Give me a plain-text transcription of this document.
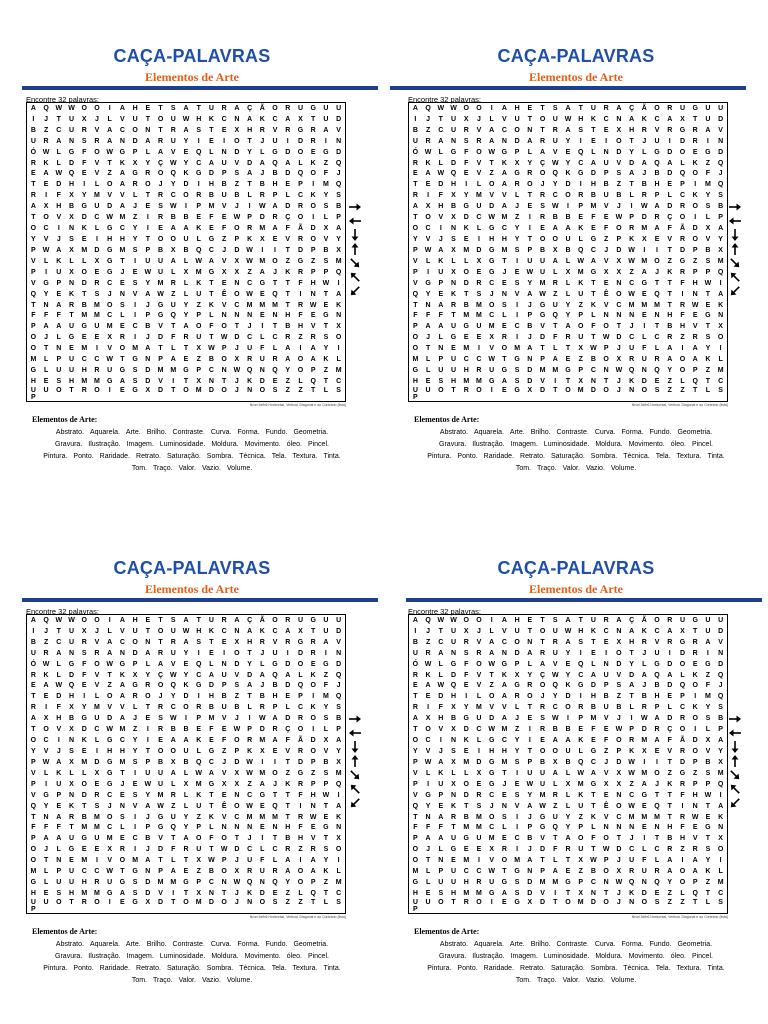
CAÇA-PALAVRAS
Elementos de Arte
Encontre 32 palavras:
A	Q W W O	O	I	A	H	E	T	S	A	T	U	R	A	Ç	Ã	O	R	U	G	U	U
I	J	T	U	X	J	L	V	U	T	O	U W H	K	C	N	A	K	C	A	X	T	U	D
B	Z	C	U	R	V	A	C	O	N	T	R	A	S	T	E	X	H	R	V	R	G	R	A	V
U	R	A	N	S	R	A	N	D	A	R	U	Y	I	E	I	O	T	J	U	I	D	R	I	N
Ó W	L	G	F	O W G	P	L	A	V	E	Q	L	N	D	Y	L	G	D	O	E	G	D
R	K	L	D	F	V	T	K	X	Y	Ç W	Y	C	A	U	V	D	A	Q	A	L	K	Z	Q
E	A W Q	E	V	Z	A	G	R	O	Q	K	G	D	P	S	A	J	B	D	Q	O	F	J
T	E	D	H	I	L	O	A	R	O	J	Y	D	I	H	B	Z	T	B	H	E	P	I	M	Q
R	I	F	X	Y	M	V	V	L	T	R	C	O	R	B	U	B	L	R	P	L	C	K	Y	S
A	X	H	B	G	U	D	A	J	E	S	W	I	P	M	V	J	I	W A	D	R	O	S	B
T	O	V	X	D	C W M	Z	I	R	B	B	E	F	E	W	P	D	R	Ç	O	I	L	P
O	C	I	N	K	L	G	C	Y	I	E	A	A	K	E	F	O	R	M	A	F	Ã	D	X	A
Y	V	J	S	E	I	H	H	Y	T	O	O	U	L	G	Z	P	K	X	E	V	R	O	V	Y
P	W A	X	M	D	G	M	S	P	B	X	B	Q	C	J	D W	I	I	T	D	P	B	X
V	L	K	L	L	X	G	T	I	U	U	A	L	W A	V	X	W M	O	Z	G	Z	S	M
P	I	U	X	O	E	G	J	E	W U	L	X	M	G	X	X	Z	A	J	K	R	P	P	Q
V	G	P	N	D	R	C	E	S	Y	M	R	L	K	T	E	N	C	G	T	T	F	H W	I
Q	Y	E	K	T	S	J	N	V	A W	Z	L	U	T	Ê	O W	E	Q	T	I	N	T	A
T	N	A	R	B	M	O	S	I	J	G	U	Y	Z	K	V	C	M M M	T	R W	E	K
F	F	F	T	M M	C	L	I	P	G	Q	Y	P	L	N	N	N	E	N	H	F	E	G	N
P	A	A	U	G	U	M	E	C	B	V	T	A	O	F	O	T	J	I	T	B	H	V	T	X
O	J	L	G	E	E	X	R	I	J	D	F	R	U	T	W D	C	L	C	R	Z	R	S	O
O	T	N	E	M	I	V	O	M	A	T	L	T	X	W	P	J	U	F	L	A	I	A	Y	I
M	L	P	U	C	C W	T	G	N	P	A	E	Z	B	O	X	R	U	R	A	O	A	K	L
G	L	U	U	H	R	U	G	S	D	M M	G	P	C	N W Q	N	Q	Y	O	P	Z	M
H	E	S	H	M M	G	A	S	D	V	I	T	X	N	T	J	K	D	E	Z	L	Q	T	C
U	U	O	T	R	O	I	E	G	X	D	T	O	M	D	O	J	N	O	S	Z	Z	T	L	S
P
Nível 5#/b6 Horizontal, Vertical, Diagonal e ao Contrário (lista)
Elementos de Arte:
Abstrato. Aquarela. Arte. Brilho. Contraste. Curva. Forma. Fundo. Geometria.
Gravura. Ilustração. Imagem. Luminosidade. Moldura. Movimento. óleo. Pincel.
Pintura. Ponto. Raridade. Retrato. Saturação. Sombra. Técnica. Tela. Textura. Tinta.
Tom. Traço. Valor. Vazio. Volume.
CAÇA-PALAVRAS
Elementos de Arte
Encontre 32 palavras:
A	Q W W O	O	I	A	H	E	T	S	A	T	U	R	A	Ç	Ã	O	R	U	G	U	U
I	J	T	U	X	J	L	V	U	T	O	U W H	K	C	N	A	K	C	A	X	T	U	D
B	Z	C	U	R	V	A	C	O	N	T	R	A	S	T	E	X	H	R	V	R	G	R	A	V
U	R	A	N	S	R	A	N	D	A	R	U	Y	I	E	I	O	T	J	U	I	D	R	I	N
Ó W	L	G	F	O W G	P	L	A	V	E	Q	L	N	D	Y	L	G	D	O	E	G	D
R	K	L	D	F	V	T	K	X	Y	Ç W	Y	C	A	U	V	D	A	Q	A	L	K	Z	Q
E	A W Q	E	V	Z	A	G	R	O	Q	K	G	D	P	S	A	J	B	D	Q	O	F	J
T	E	D	H	I	L	O	A	R	O	J	Y	D	I	H	B	Z	T	B	H	E	P	I	M	Q
R	I	F	X	Y	M	V	V	L	T	R	C	O	R	B	U	B	L	R	P	L	C	K	Y	S
A	X	H	B	G	U	D	A	J	E	S	W	I	P	M	V	J	I	W A	D	R	O	S	B
T	O	V	X	D	C W M	Z	I	R	B	B	E	F	E	W	P	D	R	Ç	O	I	L	P
O	C	I	N	K	L	G	C	Y	I	E	A	A	K	E	F	O	R	M	A	F	Ã	D	X	A
Y	V	J	S	E	I	H	H	Y	T	O	O	U	L	G	Z	P	K	X	E	V	R	O	V	Y
P	W A	X	M	D	G	M	S	P	B	X	B	Q	C	J	D W	I	I	T	D	P	B	X
V	L	K	L	L	X	G	T	I	U	U	A	L	W A	V	X	W M	O	Z	G	Z	S	M
P	I	U	X	O	E	G	J	E	W U	L	X	M	G	X	X	Z	A	J	K	R	P	P	Q
V	G	P	N	D	R	C	E	S	Y	M	R	L	K	T	E	N	C	G	T	T	F	H W	I
Q	Y	E	K	T	S	J	N	V	A W	Z	L	U	T	Ê	O W	E	Q	T	I	N	T	A
T	N	A	R	B	M	O	S	I	J	G	U	Y	Z	K	V	C	M M M	T	R W	E	K
F	F	F	T	M M	C	L	I	P	G	Q	Y	P	L	N	N	N	E	N	H	F	E	G	N
P	A	A	U	G	U	M	E	C	B	V	T	A	O	F	O	T	J	I	T	B	H	V	T	X
O	J	L	G	E	E	X	R	I	J	D	F	R	U	T	W D	C	L	C	R	Z	R	S	O
O	T	N	E	M	I	V	O	M	A	T	L	T	X	W	P	J	U	F	L	A	I	A	Y	I
M	L	P	U	C	C W	T	G	N	P	A	E	Z	B	O	X	R	U	R	A	O	A	K	L
G	L	U	U	H	R	U	G	S	D	M M	G	P	C	N W Q	N	Q	Y	O	P	Z	M
H	E	S	H	M M	G	A	S	D	V	I	T	X	N	T	J	K	D	E	Z	L	Q	T	C
U	U	O	T	R	O	I	E	G	X	D	T	O	M	D	O	J	N	O	S	Z	Z	T	L	S
P
Nível 5#/b6 Horizontal, Vertical, Diagonal e ao Contrário (lista)
Elementos de Arte:
Abstrato. Aquarela. Arte. Brilho. Contraste. Curva. Forma. Fundo. Geometria.
Gravura. Ilustração. Imagem. Luminosidade. Moldura. Movimento. óleo. Pincel.
Pintura. Ponto. Raridade. Retrato. Saturação. Sombra. Técnica. Tela. Textura. Tinta.
Tom. Traço. Valor. Vazio. Volume.
CAÇA-PALAVRAS
Elementos de Arte
Encontre 32 palavras:
A	Q W W O	O	I	A	H	E	T	S	A	T	U	R	A	Ç	Ã	O	R	U	G	U	U
I	J	T	U	X	J	L	V	U	T	O	U W H	K	C	N	A	K	C	A	X	T	U	D
B	Z	C	U	R	V	A	C	O	N	T	R	A	S	T	E	X	H	R	V	R	G	R	A	V
U	R	A	N	S	R	A	N	D	A	R	U	Y	I	E	I	O	T	J	U	I	D	R	I	N
Ó W	L	G	F	O W G	P	L	A	V	E	Q	L	N	D	Y	L	G	D	O	E	G	D
R	K	L	D	F	V	T	K	X	Y	Ç W	Y	C	A	U	V	D	A	Q	A	L	K	Z	Q
E	A W Q	E	V	Z	A	G	R	O	Q	K	G	D	P	S	A	J	B	D	Q	O	F	J
T	E	D	H	I	L	O	A	R	O	J	Y	D	I	H	B	Z	T	B	H	E	P	I	M	Q
R	I	F	X	Y	M	V	V	L	T	R	C	O	R	B	U	B	L	R	P	L	C	K	Y	S
A	X	H	B	G	U	D	A	J	E	S	W	I	P	M	V	J	I	W A	D	R	O	S	B
T	O	V	X	D	C W M	Z	I	R	B	B	E	F	E	W	P	D	R	Ç	O	I	L	P
O	C	I	N	K	L	G	C	Y	I	E	A	A	K	E	F	O	R	M	A	F	Ã	D	X	A
Y	V	J	S	E	I	H	H	Y	T	O	O	U	L	G	Z	P	K	X	E	V	R	O	V	Y
P	W A	X	M	D	G	M	S	P	B	X	B	Q	C	J	D W	I	I	T	D	P	B	X
V	L	K	L	L	X	G	T	I	U	U	A	L	W A	V	X	W M	O	Z	G	Z	S	M
P	I	U	X	O	E	G	J	E	W U	L	X	M	G	X	X	Z	A	J	K	R	P	P	Q
V	G	P	N	D	R	C	E	S	Y	M	R	L	K	T	E	N	C	G	T	T	F	H W	I
Q	Y	E	K	T	S	J	N	V	A W	Z	L	U	T	Ê	O W	E	Q	T	I	N	T	A
T	N	A	R	B	M	O	S	I	J	G	U	Y	Z	K	V	C	M M M	T	R W	E	K
F	F	F	T	M M	C	L	I	P	G	Q	Y	P	L	N	N	N	E	N	H	F	E	G	N
P	A	A	U	G	U	M	E	C	B	V	T	A	O	F	O	T	J	I	T	B	H	V	T	X
O	J	L	G	E	E	X	R	I	J	D	F	R	U	T	W D	C	L	C	R	Z	R	S	O
O	T	N	E	M	I	V	O	M	A	T	L	T	X	W	P	J	U	F	L	A	I	A	Y	I
M	L	P	U	C	C W	T	G	N	P	A	E	Z	B	O	X	R	U	R	A	O	A	K	L
G	L	U	U	H	R	U	G	S	D	M M	G	P	C	N W Q	N	Q	Y	O	P	Z	M
H	E	S	H	M M	G	A	S	D	V	I	T	X	N	T	J	K	D	E	Z	L	Q	T	C
U	U	O	T	R	O	I	E	G	X	D	T	O	M	D	O	J	N	O	S	Z	Z	T	L	S
P
Nível 5#/b6 Horizontal, Vertical, Diagonal e ao Contrário (lista)
Elementos de Arte:
Abstrato. Aquarela. Arte. Brilho. Contraste. Curva. Forma. Fundo. Geometria.
Gravura. Ilustração. Imagem. Luminosidade. Moldura. Movimento. óleo. Pincel.
Pintura. Ponto. Raridade. Retrato. Saturação. Sombra. Técnica. Tela. Textura. Tinta.
Tom. Traço. Valor. Vazio. Volume.
CAÇA-PALAVRAS
Elementos de Arte
Encontre 32 palavras:
A	Q W W O	O	I	A	H	E	T	S	A	T	U	R	A	Ç	Ã	O	R	U	G	U	U
I	J	T	U	X	J	L	V	U	T	O	U W H	K	C	N	A	K	C	A	X	T	U	D
B	Z	C	U	R	V	A	C	O	N	T	R	A	S	T	E	X	H	R	V	R	G	R	A	V
U	R	A	N	S	R	A	N	D	A	R	U	Y	I	E	I	O	T	J	U	I	D	R	I	N
Ó W	L	G	F	O W G	P	L	A	V	E	Q	L	N	D	Y	L	G	D	O	E	G	D
R	K	L	D	F	V	T	K	X	Y	Ç W	Y	C	A	U	V	D	A	Q	A	L	K	Z	Q
E	A W Q	E	V	Z	A	G	R	O	Q	K	G	D	P	S	A	J	B	D	Q	O	F	J
T	E	D	H	I	L	O	A	R	O	J	Y	D	I	H	B	Z	T	B	H	E	P	I	M	Q
R	I	F	X	Y	M	V	V	L	T	R	C	O	R	B	U	B	L	R	P	L	C	K	Y	S
A	X	H	B	G	U	D	A	J	E	S	W	I	P	M	V	J	I	W A	D	R	O	S	B
T	O	V	X	D	C W M	Z	I	R	B	B	E	F	E	W	P	D	R	Ç	O	I	L	P
O	C	I	N	K	L	G	C	Y	I	E	A	A	K	E	F	O	R	M	A	F	Ã	D	X	A
Y	V	J	S	E	I	H	H	Y	T	O	O	U	L	G	Z	P	K	X	E	V	R	O	V	Y
P	W A	X	M	D	G	M	S	P	B	X	B	Q	C	J	D W	I	I	T	D	P	B	X
V	L	K	L	L	X	G	T	I	U	U	A	L	W A	V	X	W M	O	Z	G	Z	S	M
P	I	U	X	O	E	G	J	E	W U	L	X	M	G	X	X	Z	A	J	K	R	P	P	Q
V	G	P	N	D	R	C	E	S	Y	M	R	L	K	T	E	N	C	G	T	T	F	H W	I
Q	Y	E	K	T	S	J	N	V	A W	Z	L	U	T	Ê	O W	E	Q	T	I	N	T	A
T	N	A	R	B	M	O	S	I	J	G	U	Y	Z	K	V	C	M M M	T	R W	E	K
F	F	F	T	M M	C	L	I	P	G	Q	Y	P	L	N	N	N	E	N	H	F	E	G	N
P	A	A	U	G	U	M	E	C	B	V	T	A	O	F	O	T	J	I	T	B	H	V	T	X
O	J	L	G	E	E	X	R	I	J	D	F	R	U	T	W D	C	L	C	R	Z	R	S	O
O	T	N	E	M	I	V	O	M	A	T	L	T	X	W	P	J	U	F	L	A	I	A	Y	I
M	L	P	U	C	C W	T	G	N	P	A	E	Z	B	O	X	R	U	R	A	O	A	K	L
G	L	U	U	H	R	U	G	S	D	M M	G	P	C	N W Q	N	Q	Y	O	P	Z	M
H	E	S	H	M M	G	A	S	D	V	I	T	X	N	T	J	K	D	E	Z	L	Q	T	C
U	U	O	T	R	O	I	E	G	X	D	T	O	M	D	O	J	N	O	S	Z	Z	T	L	S
P
Nível 5#/b6 Horizontal, Vertical, Diagonal e ao Contrário (lista)
Elementos de Arte:
Abstrato. Aquarela. Arte. Brilho. Contraste. Curva. Forma. Fundo. Geometria.
Gravura. Ilustração. Imagem. Luminosidade. Moldura. Movimento. óleo. Pincel.
Pintura. Ponto. Raridade. Retrato. Saturação. Sombra. Técnica. Tela. Textura. Tinta.
Tom. Traço. Valor. Vazio. Volume.
